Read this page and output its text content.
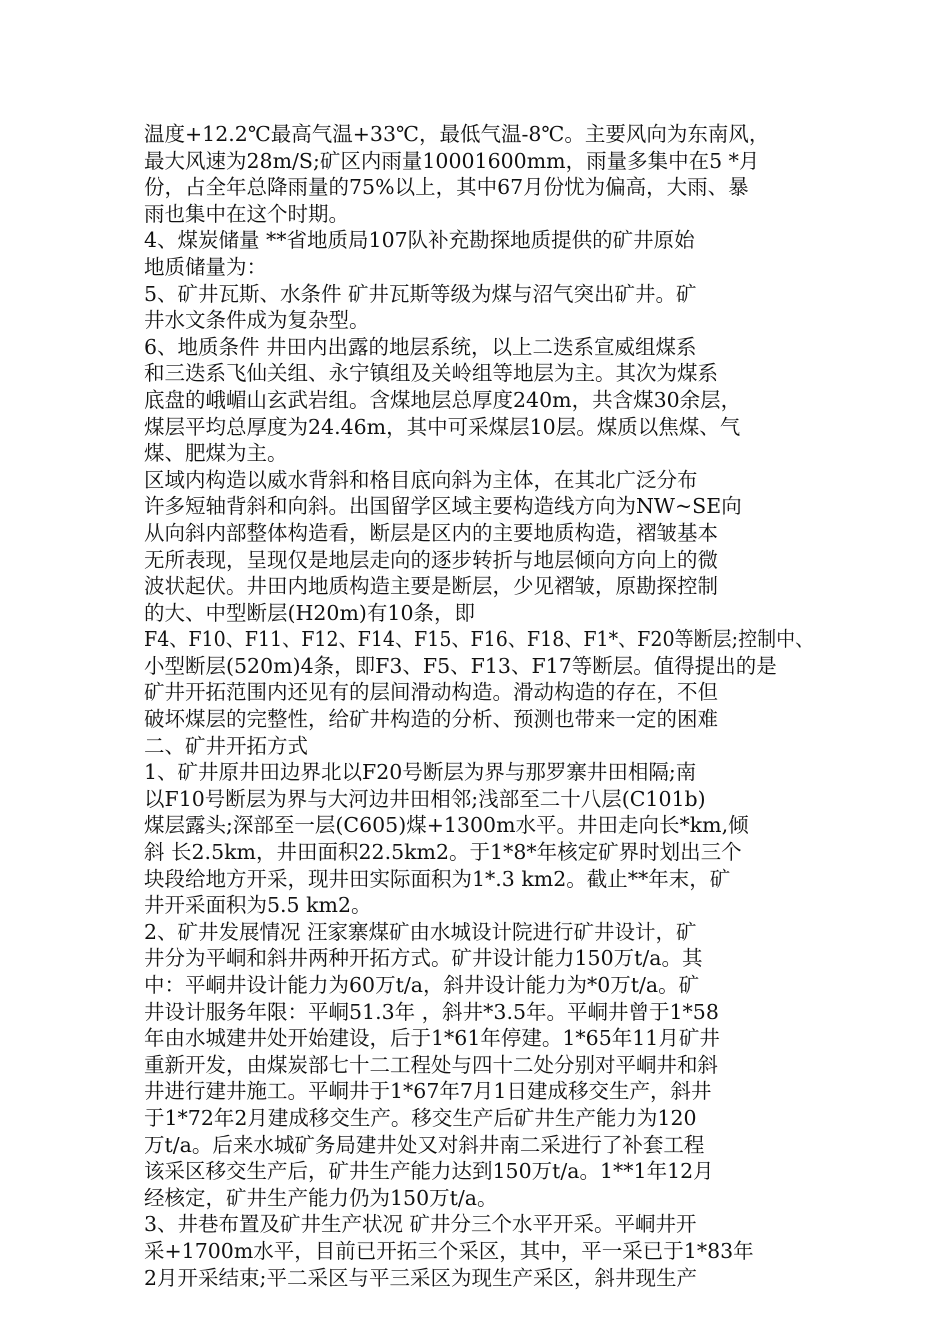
温度+12.2℃最高气温+33℃，最低气温-8℃。主要风向为东南风，
最大风速为28m/S;矿区内雨量10001600mm，雨量多集中在5 *月
份，占全年总降雨量的75%以上，其中67月份忧为偏高，大雨、暴
雨也集中在这个时期。
4、煤炭储量 **省地质局107队补充勘探地质提供的矿井原始
地质储量为：
5、矿井瓦斯、水条件 矿井瓦斯等级为煤与沼气突出矿井。矿
井水文条件成为复杂型。
6、地质条件 井田内出露的地层系统，以上二迭系宣威组煤系
和三迭系飞仙关组、永宁镇组及关岭组等地层为主。其次为煤系
底盘的峨嵋山玄武岩组。含煤地层总厚度240m，共含煤30余层，
煤层平均总厚度为24.46m，其中可采煤层10层。煤质以焦煤、气
煤、肥煤为主。
区域内构造以威水背斜和格目底向斜为主体，在其北广泛分布
许多短轴背斜和向斜。出国留学区域主要构造线方向为NW~SE向
从向斜内部整体构造看，断层是区内的主要地质构造，褶皱基本
无所表现，呈现仅是地层走向的逐步转折与地层倾向方向上的微
波状起伏。井田内地质构造主要是断层，少见褶皱，原勘探控制
的大、中型断层(H20m)有10条，即
F4、F10、F11、F12、F14、F15、F16、F18、F1*、F20等断层;控制中、
小型断层(520m)4条，即F3、F5、F13、F17等断层。值得提出的是
矿井开拓范围内还见有的层间滑动构造。滑动构造的存在，不但
破坏煤层的完整性，给矿井构造的分析、预测也带来一定的困难
二、矿井开拓方式
1、矿井原井田边界北以F20号断层为界与那罗寨井田相隔;南
以F10号断层为界与大河边井田相邻;浅部至二十八层(C101b)
煤层露头;深部至一层(C605)煤+1300m水平。井田走向长*km,倾
斜 长2.5km，井田面积22.5km2。于1*8*年核定矿界时划出三个
块段给地方开采，现井田实际面积为1*.3 km2。截止**年末，矿
井开采面积为5.5 km2。
2、矿井发展情况 汪家寨煤矿由水城设计院进行矿井设计，矿
井分为平峒和斜井两种开拓方式。矿井设计能力150万t/a。其
中：平峒井设计能力为60万t/a，斜井设计能力为*0万t/a。矿
井设计服务年限：平峒51.3年 ，斜井*3.5年。平峒井曾于1*58
年由水城建井处开始建设，后于1*61年停建。1*65年11月矿井
重新开发，由煤炭部七十二工程处与四十二处分别对平峒井和斜
井进行建井施工。平峒井于1*67年7月1日建成移交生产，斜井
于1*72年2月建成移交生产。移交生产后矿井生产能力为120
万t/a。后来水城矿务局建井处又对斜井南二采进行了补套工程
该采区移交生产后，矿井生产能力达到150万t/a。1**1年12月
经核定，矿井生产能力仍为150万t/a。
3、井巷布置及矿井生产状况 矿井分三个水平开采。平峒井开
采+1700m水平，目前已开拓三个采区，其中，平一采已于1*83年
2月开采结束;平二采区与平三采区为现生产采区，斜井现生产
